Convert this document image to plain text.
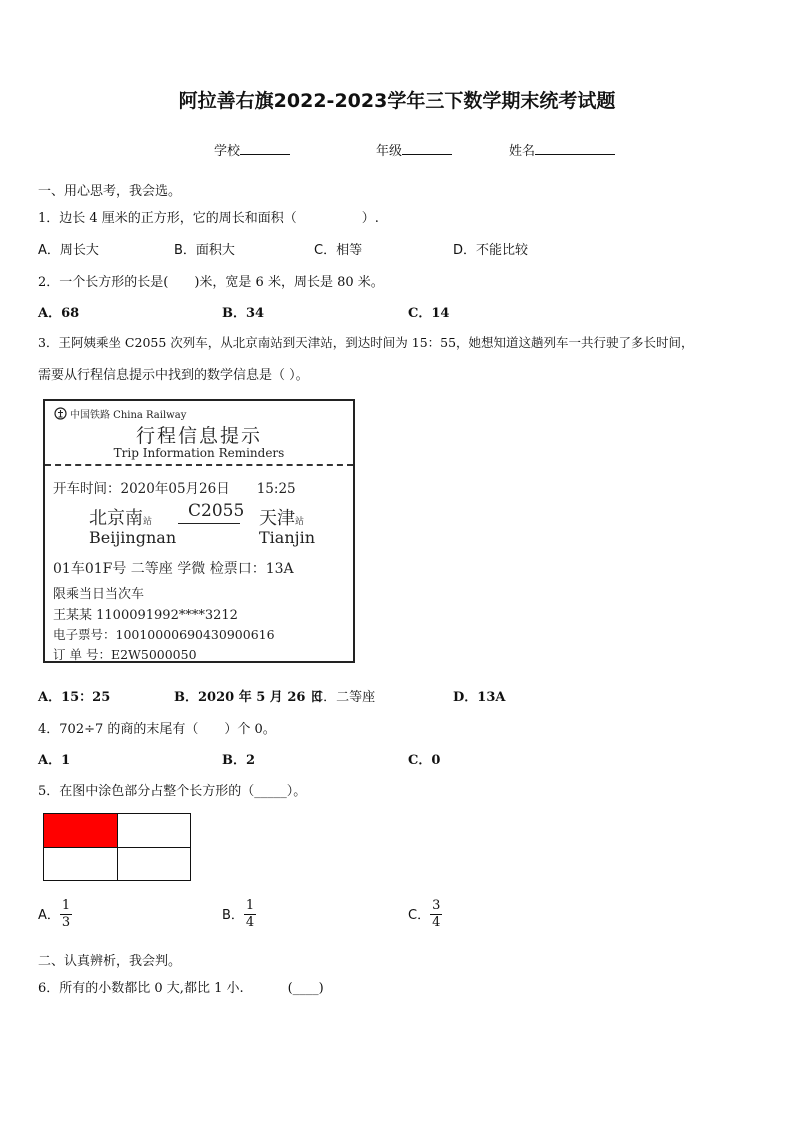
阿拉善右旗2022-2023学年三下数学期末统考试题
学校	年级	姓名
一、用心思考，我会选。
1．边长 4 厘米的正方形，它的周长和面积（　　　　　）.
A．周长大	B．面积大	C．相等	D．不能比较
2．一个长方形的长是(　　)米，宽是 6 米，周长是 80 米。
A．68	B．34	C．14
3．王阿姨乘坐 C2055 次列车，从北京南站到天津站，到达时间为 15：55，她想知道这趟列车一共行驶了多长时间，
需要从行程信息提示中找到的数学信息是（ ）。
中国铁路 China Railway
行程信息提示
Trip Information Reminders
开车时间：2020年05月26日　　15:25
北京南站
C2055 天津站
Beijingnan	Tianjin
01车01F号 二等座 学微 检票口：13A
限乘当日当次车
王某某 1100091992****3212
电子票号：10010000690430900616
订 单 号：E2W5000050
A．15：25	B．2020 年 5 月 26 日
C．二等座	D．13A
4．702÷7 的商的末尾有（　　）个 0。
A．1	B．2	C．0
5．在图中涂色部分占整个长方形的（_____）。
A． $\frac{1}{3}$	B． $\frac{1}{4}$	C． $\frac{3}{4}$
二、认真辨析，我会判。
6．所有的小数都比 0 大,都比 1 小.	(____)
